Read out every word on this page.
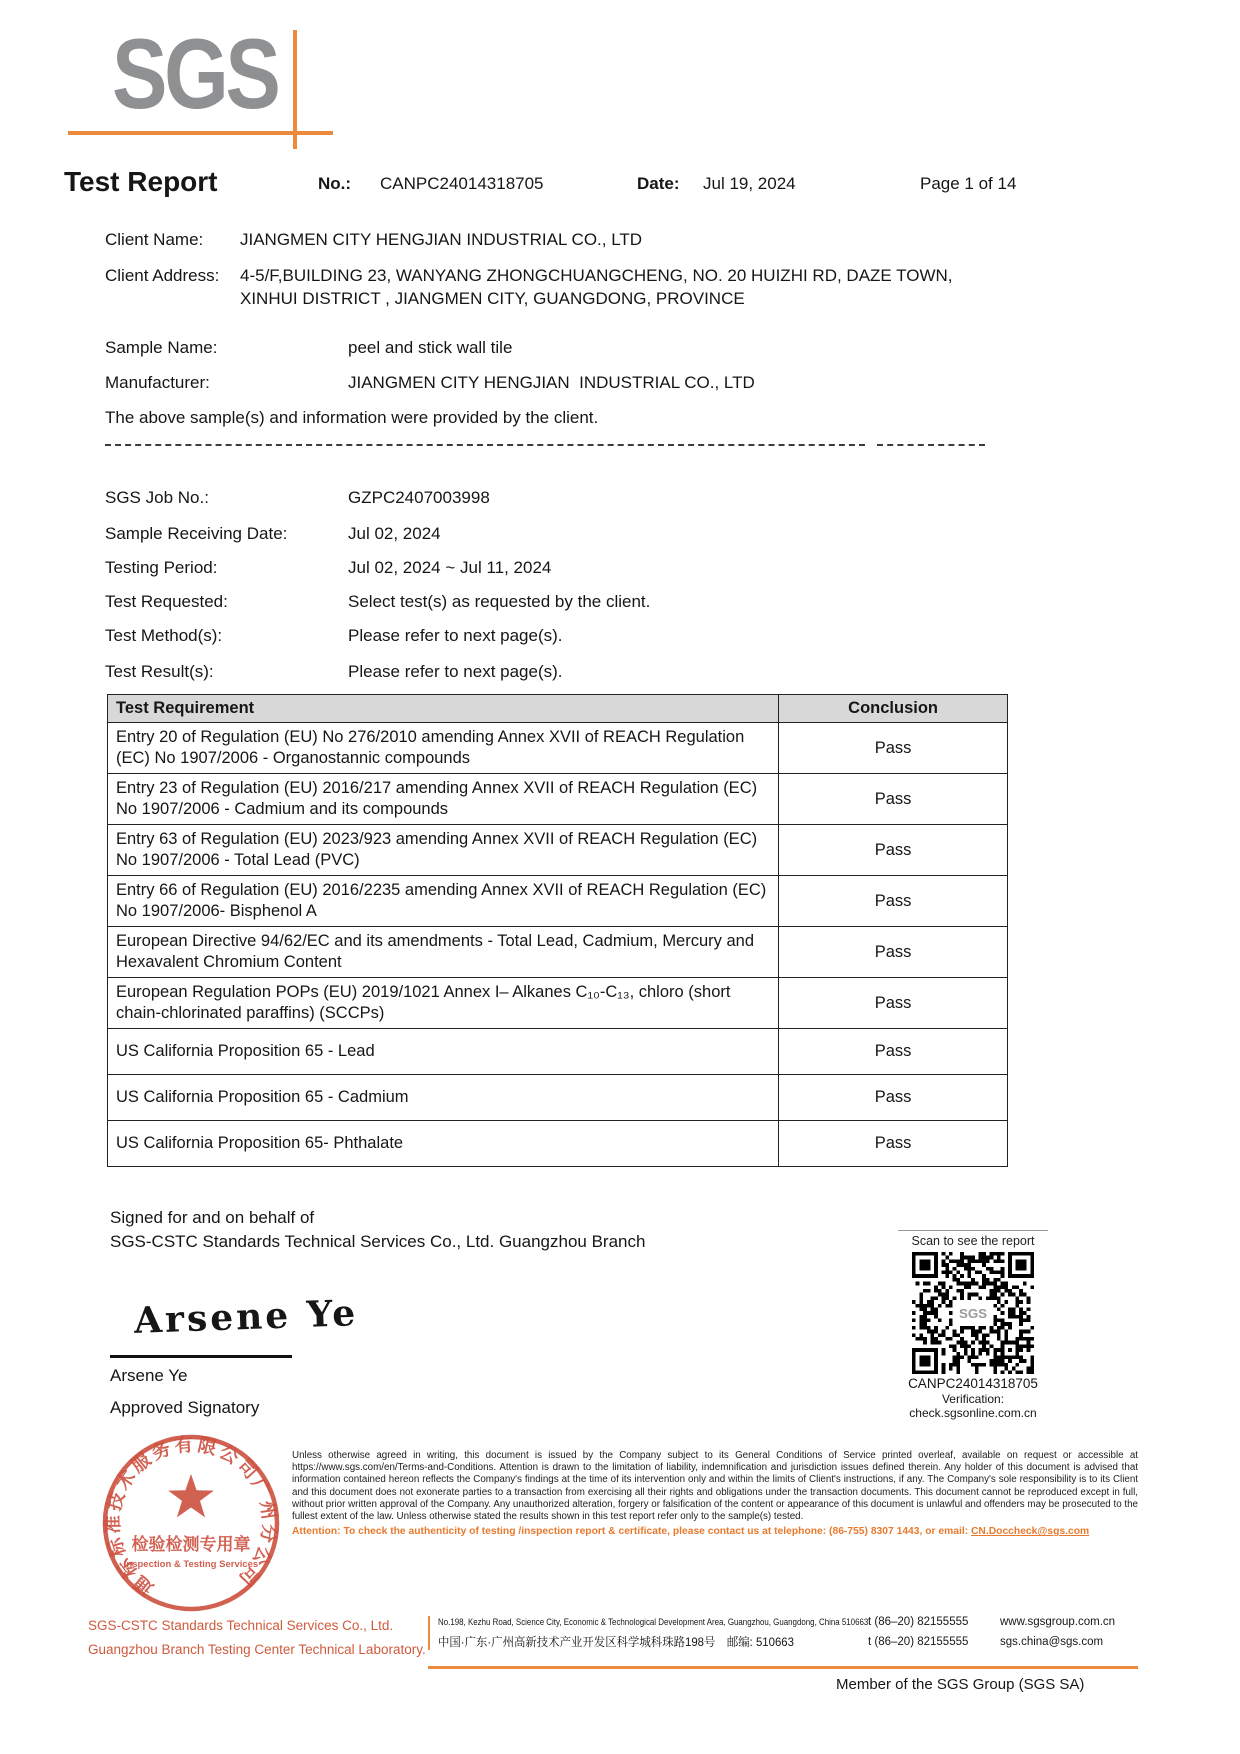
SGS
Test Report	No.: CANPC24014318705	Date: Jul 19, 2024	Page 1 of 14
Client Name: JIANGMEN CITY HENGJIAN INDUSTRIAL CO., LTD
Client Address: 4-5/F,BUILDING 23, WANYANG ZHONGCHUANGCHENG, NO. 20 HUIZHI RD, DAZE TOWN, XINHUI DISTRICT , JIANGMEN CITY, GUANGDONG, PROVINCE
Sample Name:	peel and stick wall tile
Manufacturer:	JIANGMEN CITY HENGJIAN  INDUSTRIAL CO., LTD
The above sample(s) and information were provided by the client.
SGS Job No.:	GZPC2407003998
Sample Receiving Date:	Jul 02, 2024
Testing Period:	Jul 02, 2024 ~ Jul 11, 2024
Test Requested:	Select test(s) as requested by the client.
Test Method(s):	Please refer to next page(s).
Test Result(s):	Please refer to next page(s).
Test Requirement	Conclusion
Entry 20 of Regulation (EU) No 276/2010 amending Annex XVII of REACH Regulation (EC) No 1907/2006 - Organostannic compounds	Pass
Entry 23 of Regulation (EU) 2016/217 amending Annex XVII of REACH Regulation (EC) No 1907/2006 - Cadmium and its compounds	Pass
Entry 63 of Regulation (EU) 2023/923 amending Annex XVII of REACH Regulation (EC) No 1907/2006 - Total Lead (PVC)	Pass
Entry 66 of Regulation (EU) 2016/2235 amending Annex XVII of REACH Regulation (EC) No 1907/2006- Bisphenol A	Pass
European Directive 94/62/EC and its amendments - Total Lead, Cadmium, Mercury and Hexavalent Chromium Content	Pass
European Regulation POPs (EU) 2019/1021 Annex I– Alkanes C₁₀-C₁₃, chloro (short chain-chlorinated paraffins) (SCCPs)	Pass
US California Proposition 65 - Lead	Pass
US California Proposition 65 - Cadmium	Pass
US California Proposition 65- Phthalate	Pass
Signed for and on behalf of
SGS-CSTC Standards Technical Services Co., Ltd. Guangzhou Branch
Arsene Ye
Arsene Ye
Approved Signatory
Scan to see the report
SGS
CANPC24014318705
Verification:
check.sgsonline.com.cn
通标标准技术服务有限公司广州分公司
检验检测专用章
Inspection & Testing Services
SGS-CSTC Standards Technical Services Co., Ltd.
Guangzhou Branch Testing Center Technical Laboratory.
Unless otherwise agreed in writing, this document is issued by the Company subject to its General Conditions of Service printed overleaf, available on request or accessible at https://www.sgs.com/en/Terms-and-Conditions. Attention is drawn to the limitation of liability, indemnification and jurisdiction issues defined therein. Any holder of this document is advised that information contained hereon reflects the Company's findings at the time of its intervention only and within the limits of Client's instructions, if any. The Company's sole responsibility is to its Client and this document does not exonerate parties to a transaction from exercising all their rights and obligations under the transaction documents. This document cannot be reproduced except in full, without prior written approval of the Company. Any unauthorized alteration, forgery or falsification of the content or appearance of this document is unlawful and offenders may be prosecuted to the fullest extent of the law. Unless otherwise stated the results shown in this test report refer only to the sample(s) tested.
Attention: To check the authenticity of testing /inspection report & certificate, please contact us at telephone: (86-755) 8307 1443, or email: CN.Doccheck@sgs.com
No.198, Kezhu Road, Science City, Economic & Technological Development Area, Guangzhou, Guangdong, China 510663 t (86–20) 82155555	www.sgsgroup.com.cn
中国·广东·广州高新技术产业开发区科学城科珠路198号　邮编: 510663	t (86–20) 82155555	sgs.china@sgs.com
Member of the SGS Group (SGS SA)
